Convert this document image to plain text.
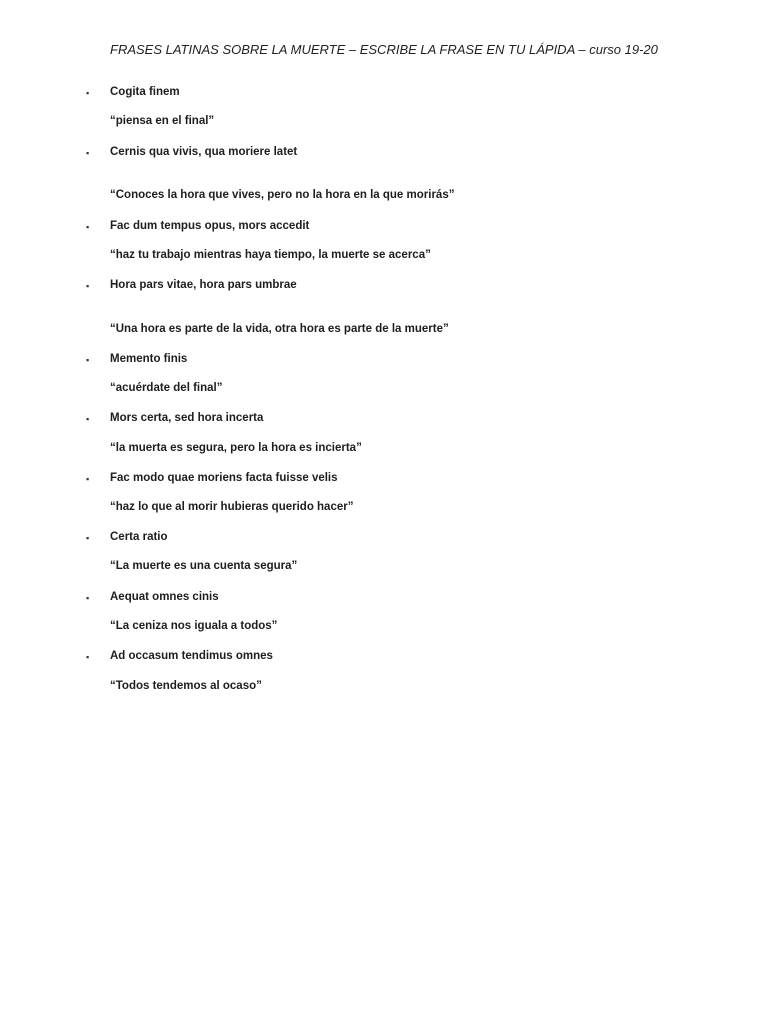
FRASES LATINAS SOBRE LA MUERTE – ESCRIBE LA FRASE EN TU LÁPIDA – curso 19-20
▪ Cogita finem
“piensa en el final”
▪ Cernis qua vivis, qua moriere latet
“Conoces la hora que vives, pero no la hora en la que morirás”
▪ Fac dum tempus opus, mors accedit
“haz tu trabajo mientras haya tiempo, la muerte se acerca”
▪ Hora pars vitae, hora pars umbrae
“Una hora es parte de la vida, otra hora es parte de la muerte”
▪ Memento finis
“acuérdate del final”
▪ Mors certa, sed hora incerta
“la muerta es segura, pero la hora es incierta”
▪ Fac modo quae moriens facta fuisse velis
“haz lo que al morir hubieras querido hacer”
▪ Certa ratio
“La muerte es una cuenta segura”
▪ Aequat omnes cinis
“La ceniza nos iguala a todos”
▪ Ad occasum tendimus omnes
“Todos tendemos al ocaso”
